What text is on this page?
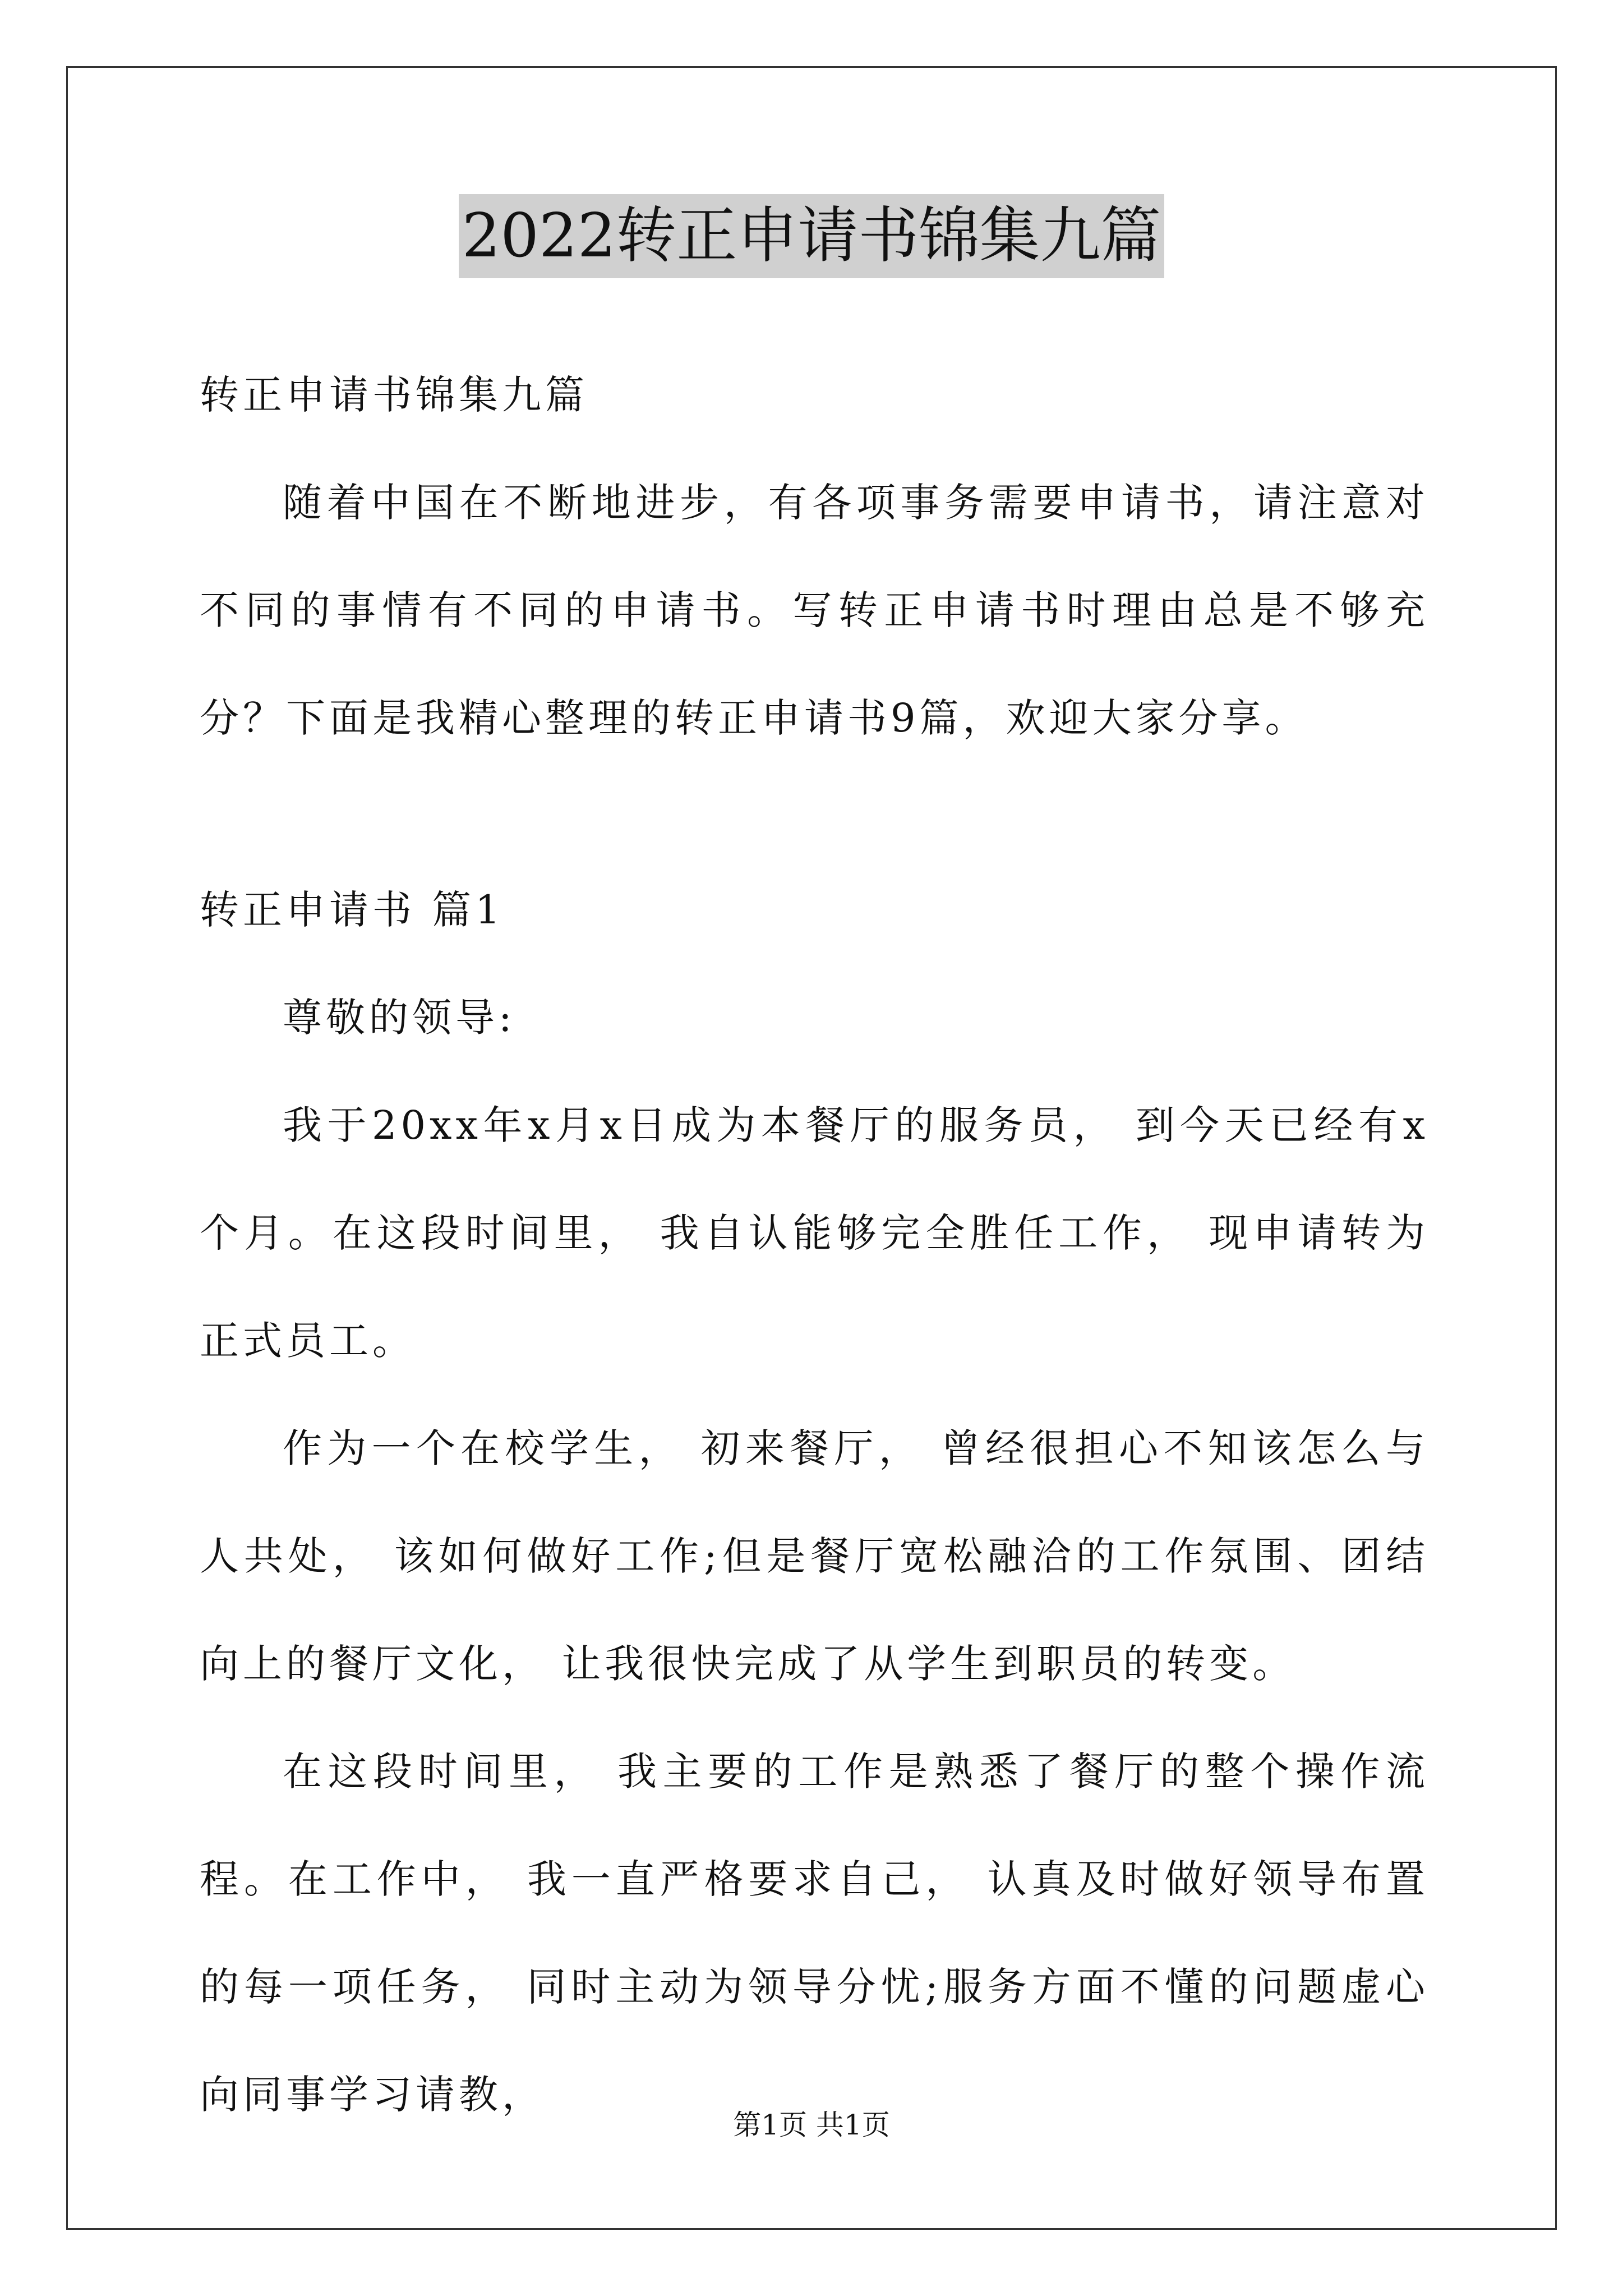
2022转正申请书锦集九篇

转正申请书锦集九篇

随着中国在不断地进步，有各项事务需要申请书，请注意对不同的事情有不同的申请书。写转正申请书时理由总是不够充分？下面是我精心整理的转正申请书9篇，欢迎大家分享。

转正申请书 篇1

尊敬的领导:

我于20xx年x月x日成为本餐厅的服务员， 到今天已经有x个月。在这段时间里， 我自认能够完全胜任工作， 现申请转为正式员工。

作为一个在校学生， 初来餐厅， 曾经很担心不知该怎么与人共处， 该如何做好工作;但是餐厅宽松融洽的工作氛围、团结向上的餐厅文化， 让我很快完成了从学生到职员的转变。

在这段时间里， 我主要的工作是熟悉了餐厅的整个操作流程。在工作中， 我一直严格要求自己， 认真及时做好领导布置的每一项任务， 同时主动为领导分忧;服务方面不懂的问题虚心向同事学习请教，

第1页 共1页
